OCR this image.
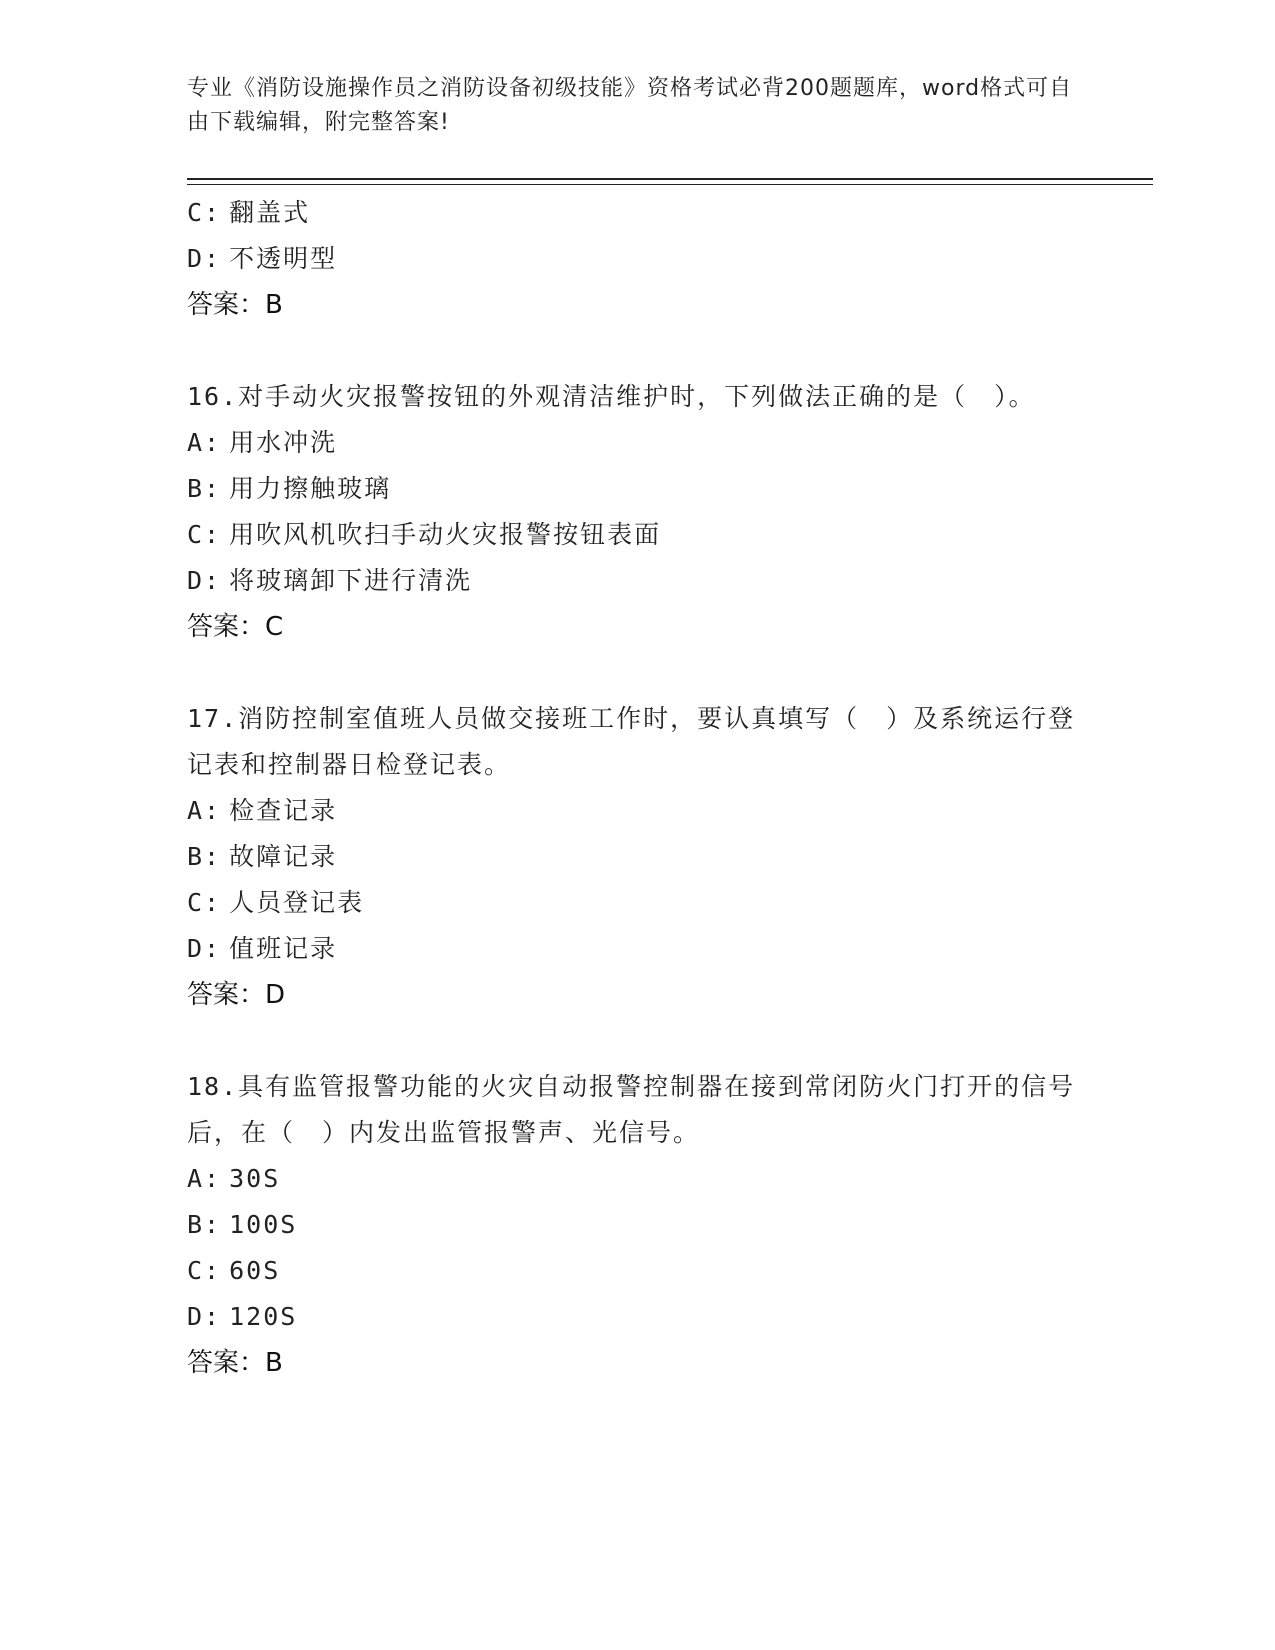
专业《消防设施操作员之消防设备初级技能》资格考试必背200题题库，word格式可自由下载编辑，附完整答案!
C: 翻盖式
D: 不透明型
答案：B
16.对手动火灾报警按钮的外观清洁维护时，下列做法正确的是（　）。
A: 用水冲洗
B: 用力擦触玻璃
C: 用吹风机吹扫手动火灾报警按钮表面
D: 将玻璃卸下进行清洗
答案：C
17.消防控制室值班人员做交接班工作时，要认真填写（　）及系统运行登记表和控制器日检登记表。
A: 检查记录
B: 故障记录
C: 人员登记表
D: 值班记录
答案：D
18.具有监管报警功能的火灾自动报警控制器在接到常闭防火门打开的信号后，在（　）内发出监管报警声、光信号。
A: 30S
B: 100S
C: 60S
D: 120S
答案：B
